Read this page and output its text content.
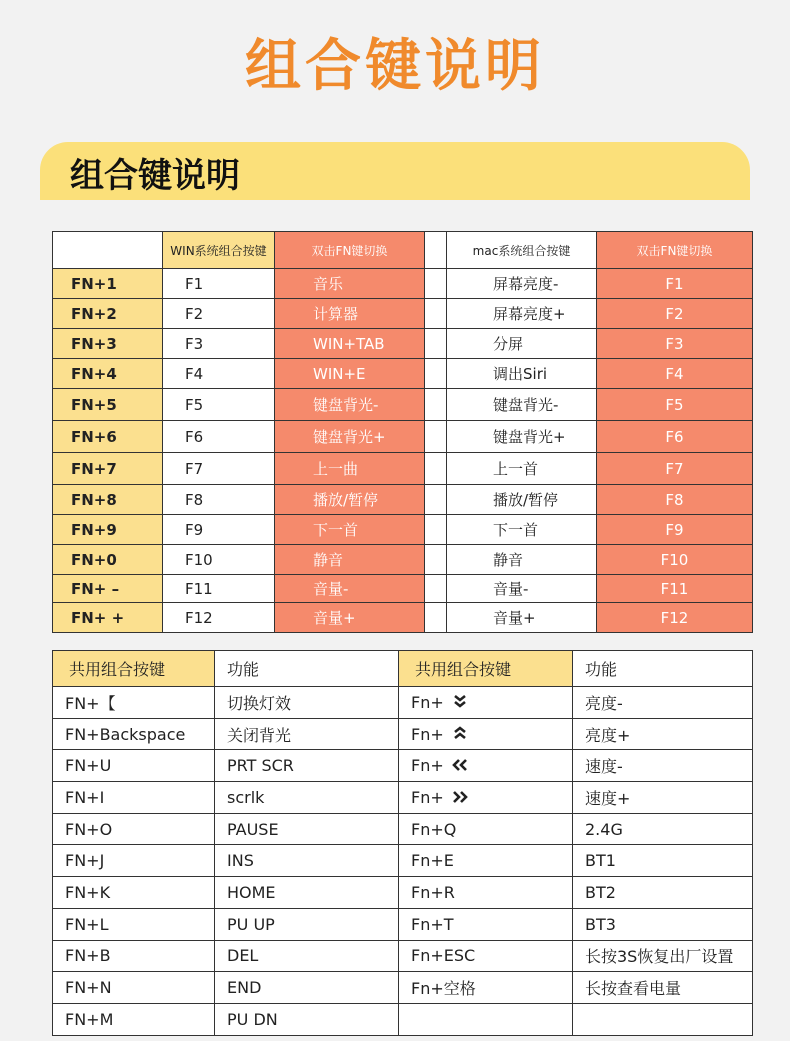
组合键说明
组合键说明
	WIN系统组合按键	双击FN键切换		mac系统组合按键	双击FN键切换
FN+1	F1	音乐		屏幕亮度-	F1
FN+2	F2	计算器		屏幕亮度+	F2
FN+3	F3	WIN+TAB		分屏	F3
FN+4	F4	WIN+E		调出Siri	F4
FN+5	F5	键盘背光-		键盘背光-	F5
FN+6	F6	键盘背光+		键盘背光+	F6
FN+7	F7	上一曲		上一首	F7
FN+8	F8	播放/暂停		播放/暂停	F8
FN+9	F9	下一首		下一首	F9
FN+0	F10	静音		静音	F10
FN+ –	F11	音量-		音量-	F11
FN+ +	F12	音量+		音量+	F12
共用组合按键	功能	共用组合按键	功能
FN+【	切换灯效	Fn+	亮度-
FN+Backspace	关闭背光	Fn+	亮度+
FN+U	PRT SCR	Fn+	速度-
FN+I	scrlk	Fn+	速度+
FN+O	PAUSE	Fn+Q	2.4G
FN+J	INS	Fn+E	BT1
FN+K	HOME	Fn+R	BT2
FN+L	PU UP	Fn+T	BT3
FN+B	DEL	Fn+ESC	长按3S恢复出厂设置
FN+N	END	Fn+空格	长按查看电量
FN+M	PU DN		
